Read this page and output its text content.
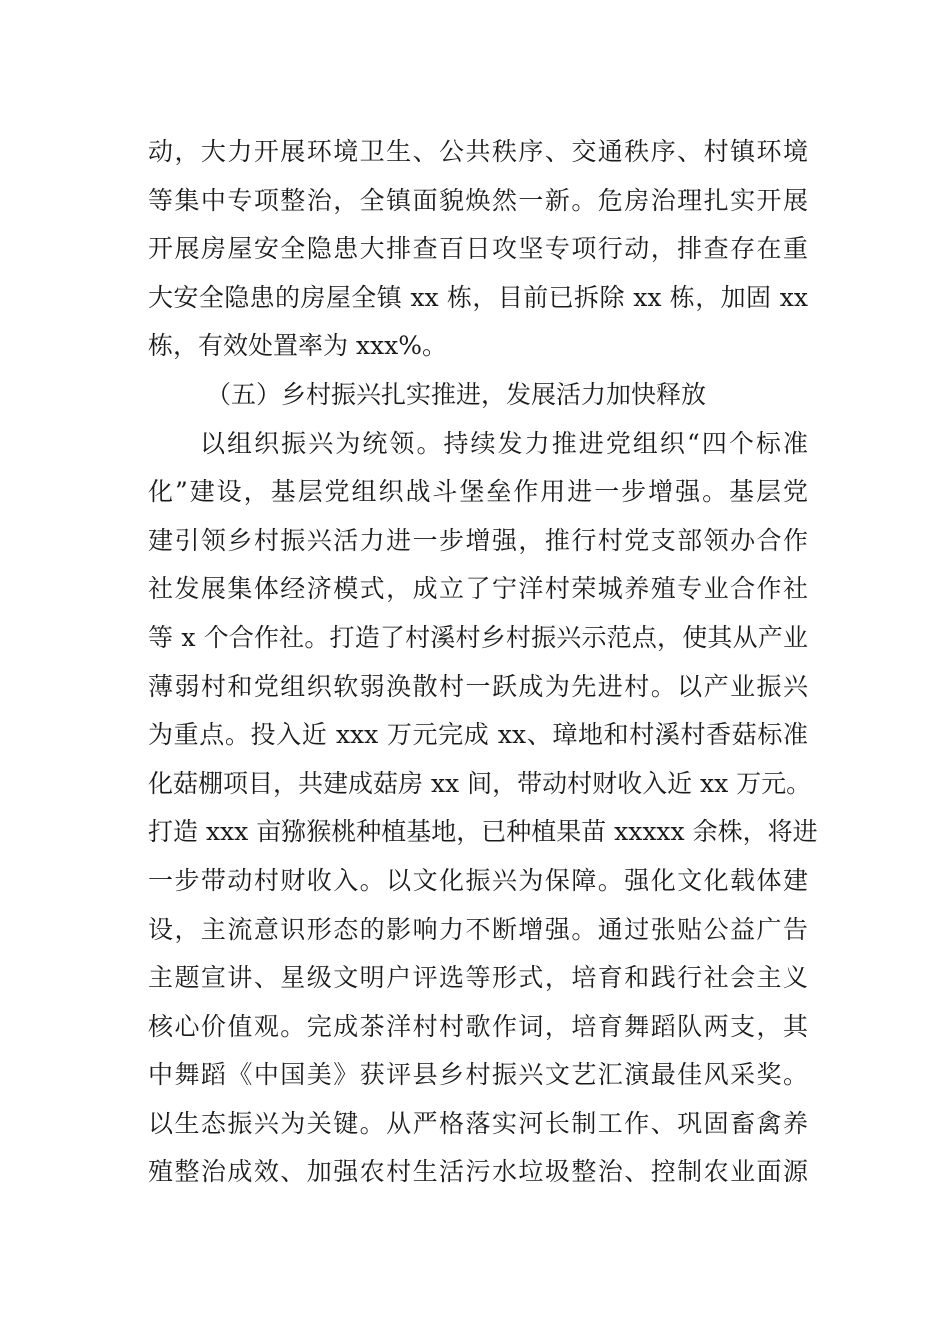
动，大力开展环境卫生、公共秩序、交通秩序、村镇环境
等集中专项整治，全镇面貌焕然一新。危房治理扎实开展
开展房屋安全隐患大排查百日攻坚专项行动，排查存在重
大安全隐患的房屋全镇 xx 栋，目前已拆除 xx 栋，加固 xx
栋，有效处置率为 xxx%。
（五）乡村振兴扎实推进，发展活力加快释放
以组织振兴为统领。持续发力推进党组织“四个标准
化”建设，基层党组织战斗堡垒作用进一步增强。基层党
建引领乡村振兴活力进一步增强，推行村党支部领办合作
社发展集体经济模式，成立了宁洋村荣城养殖专业合作社
等 x 个合作社。打造了村溪村乡村振兴示范点，使其从产业
薄弱村和党组织软弱涣散村一跃成为先进村。以产业振兴
为重点。投入近 xxx 万元完成 xx、璋地和村溪村香菇标准
化菇棚项目，共建成菇房 xx 间，带动村财收入近 xx 万元。
打造 xxx 亩猕猴桃种植基地，已种植果苗 xxxxx 余株，将进
一步带动村财收入。以文化振兴为保障。强化文化载体建
设，主流意识形态的影响力不断增强。通过张贴公益广告
主题宣讲、星级文明户评选等形式，培育和践行社会主义
核心价值观。完成茶洋村村歌作词，培育舞蹈队两支，其
中舞蹈《中国美》获评县乡村振兴文艺汇演最佳风采奖。
以生态振兴为关键。从严格落实河长制工作、巩固畜禽养
殖整治成效、加强农村生活污水垃圾整治、控制农业面源
